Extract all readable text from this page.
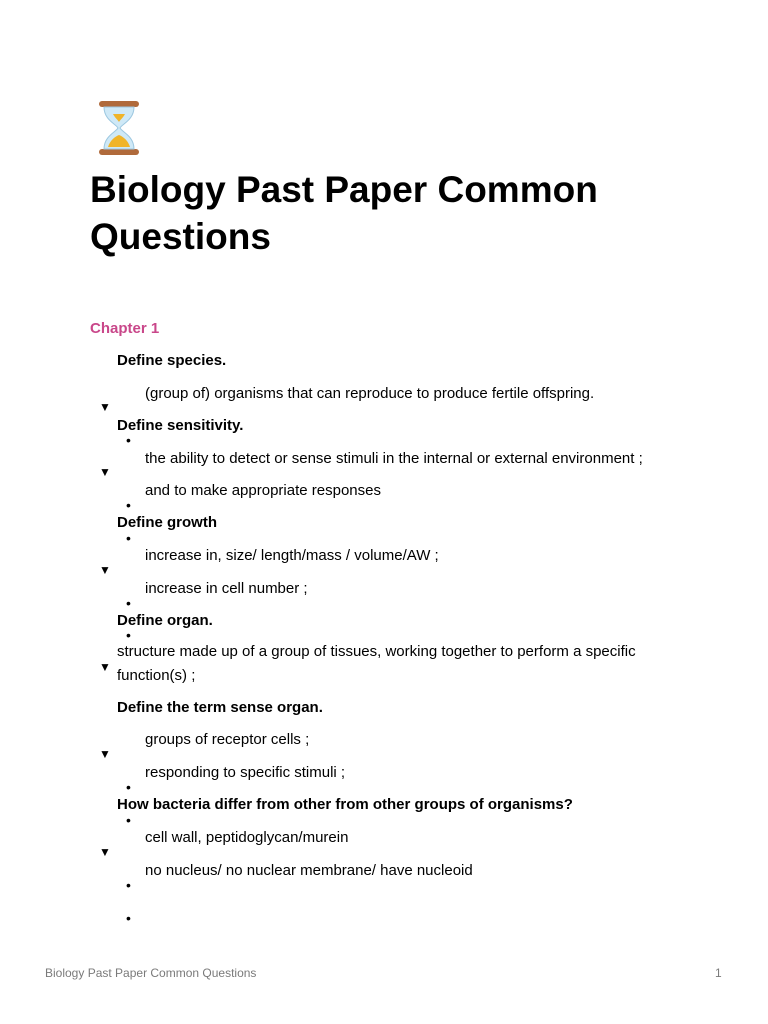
Biology Past Paper Common Questions
Chapter 1
Define species.
▼
(group of) organisms that can reproduce to produce fertile offspring.
Define sensitivity.
•
▼
the ability to detect or sense stimuli in the internal or external environment ;
and to make appropriate responses
•
Define growth
•
▼
increase in, size/ length/mass / volume/AW ;
increase in cell number ;
•
Define organ.
•
▼
structure made up of a group of tissues, working together to perform a specific function(s) ;
Define the term sense organ.
▼
groups of receptor cells ;
responding to specific stimuli ;
•
How bacteria differ from other from other groups of organisms?
•
▼
cell wall, peptidoglycan/murein
no nucleus/ no nuclear membrane/ have nucleoid
•
•
Biology Past Paper Common Questions	1
